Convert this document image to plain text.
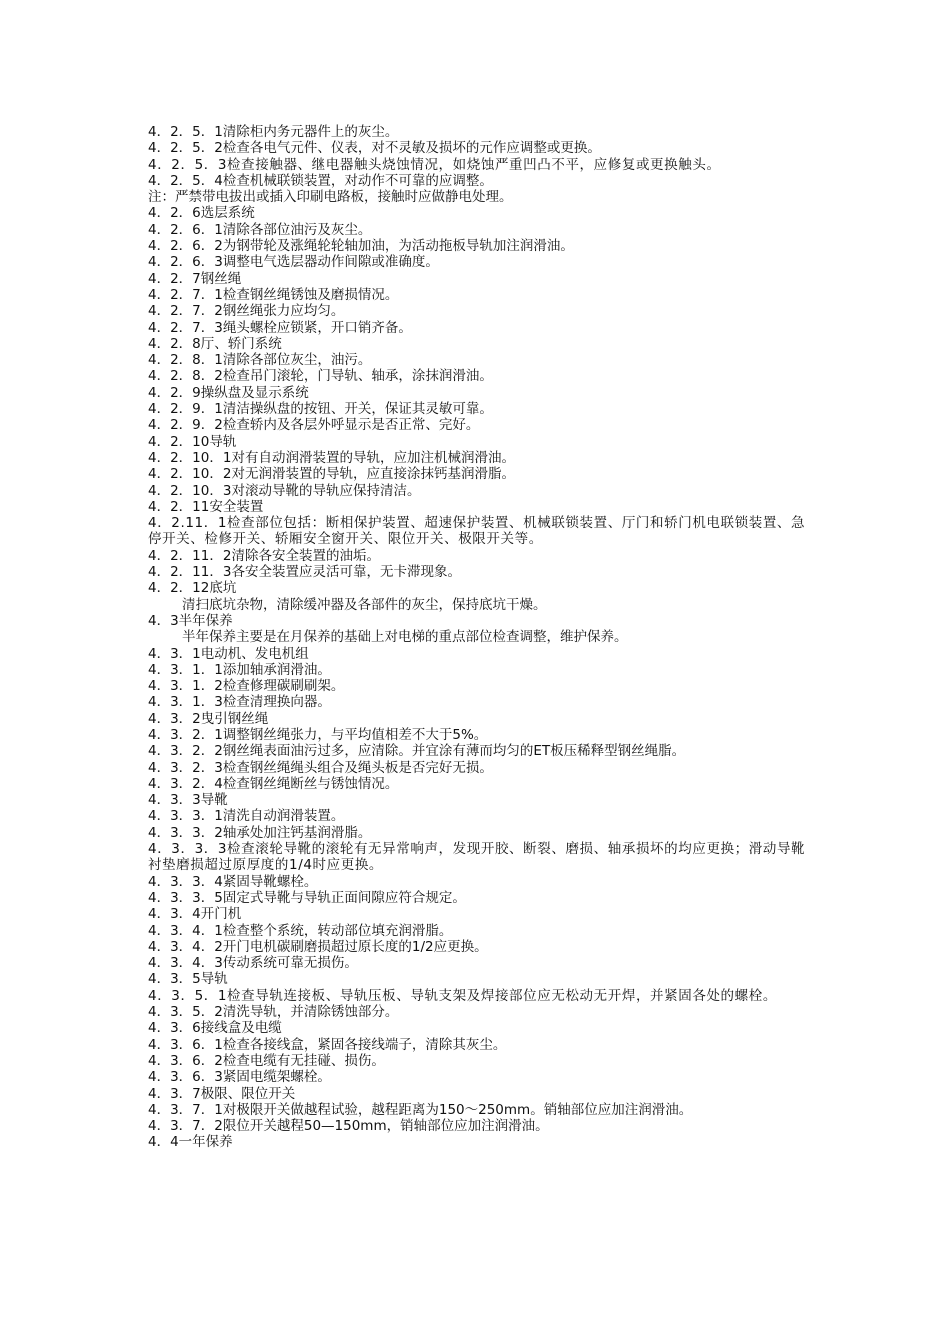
4．2．5．1清除柜内务元器件上的灰尘。

4．2．5．2检查各电气元件、仪表，对不灵敏及损坏的元作应调整或更换。

4．2．5．3检查接触器、继电器触头烧蚀情况，如烧蚀严重凹凸不平，应修复或更换触头。

4．2．5．4检查机械联锁装置，对动作不可靠的应调整。

注：严禁带电拔出或插入印刷电路板，接触时应做静电处理。

4．2．6选层系统

4．2．6．1清除各部位油污及灰尘。

4．2．6．2为钢带轮及涨绳轮轮轴加油，为活动拖板导轨加注润滑油。

4．2．6．3调整电气选层器动作间隙或准确度。

4．2．7钢丝绳

4．2．7．1检查钢丝绳锈蚀及磨损情况。

4．2．7．2钢丝绳张力应均匀。

4．2．7．3绳头螺栓应锁紧，开口销齐备。

4．2．8厅、轿门系统

4．2．8．1清除各部位灰尘，油污。

4．2．8．2检查吊门滚轮，门导轨、轴承，涂抹润滑油。

4．2．9操纵盘及显示系统

4．2．9．1清洁操纵盘的按钮、开关，保证其灵敏可靠。

4．2．9．2检查轿内及各层外呼显示是否正常、完好。

4．2．10导轨

4．2．10．1对有自动润滑装置的导轨，应加注机械润滑油。

4．2．10．2对无润滑装置的导轨，应直接涂抹钙基润滑脂。

4．2．10．3对滚动导靴的导轨应保持清洁。

4．2．11安全装置

4．2.11．1检查部位包括：断相保护装置、超速保护装置、机械联锁装置、厅门和轿门机电联锁装置、急停开关、检修开关、轿厢安全窗开关、限位开关、极限开关等。

4．2．11．2清除各安全装置的油垢。

4．2．11．3各安全装置应灵活可靠，无卡滞现象。

4．2．12底坑

清扫底坑杂物，清除缓冲器及各部件的灰尘，保持底坑干燥。

4．3半年保养

半年保养主要是在月保养的基础上对电梯的重点部位检查调整，维护保养。

4．3．1电动机、发电机组

4．3．1．1添加轴承润滑油。

4．3．1．2检查修理碳刷刷架。

4．3．1．3检查清理换向器。

4．3．2曳引钢丝绳

4．3．2．1调整钢丝绳张力，与平均值相差不大于5%。

4．3．2．2钢丝绳表面油污过多，应清除。并宜涂有薄而均匀的ET板压稀释型钢丝绳脂。

4．3．2．3检查钢丝绳绳头组合及绳头板是否完好无损。

4．3．2．4检查钢丝绳断丝与锈蚀情况。

4．3．3导靴

4．3．3．1清洗自动润滑装置。

4．3．3．2轴承处加注钙基润滑脂。

4．3．3．3检查滚轮导靴的滚轮有无异常响声，发现开胶、断裂、磨损、轴承损坏的均应更换；滑动导靴衬垫磨损超过原厚度的1/4时应更换。

4．3．3．4紧固导靴螺栓。

4．3．3．5固定式导靴与导轨正面间隙应符合规定。

4．3．4开门机

4．3．4．1检查整个系统，转动部位填充润滑脂。

4．3．4．2开门电机碳刷磨损超过原长度的1/2应更换。

4．3．4．3传动系统可靠无损伤。

4．3．5导轨

4．3．5．1检查导轨连接板、导轨压板、导轨支架及焊接部位应无松动无开焊，并紧固各处的螺栓。

4．3．5．2清洗导轨，并清除锈蚀部分。

4．3．6接线盒及电缆

4．3．6．1检查各接线盒，紧固各接线端子，清除其灰尘。

4．3．6．2检查电缆有无挂碰、损伤。

4．3．6．3紧固电缆架螺栓。

4．3．7极限、限位开关

4．3．7．1对极限开关做越程试验，越程距离为150～250mm。销轴部位应加注润滑油。

4．3．7．2限位开关越程50—150mm，销轴部位应加注润滑油。

4．4一年保养
